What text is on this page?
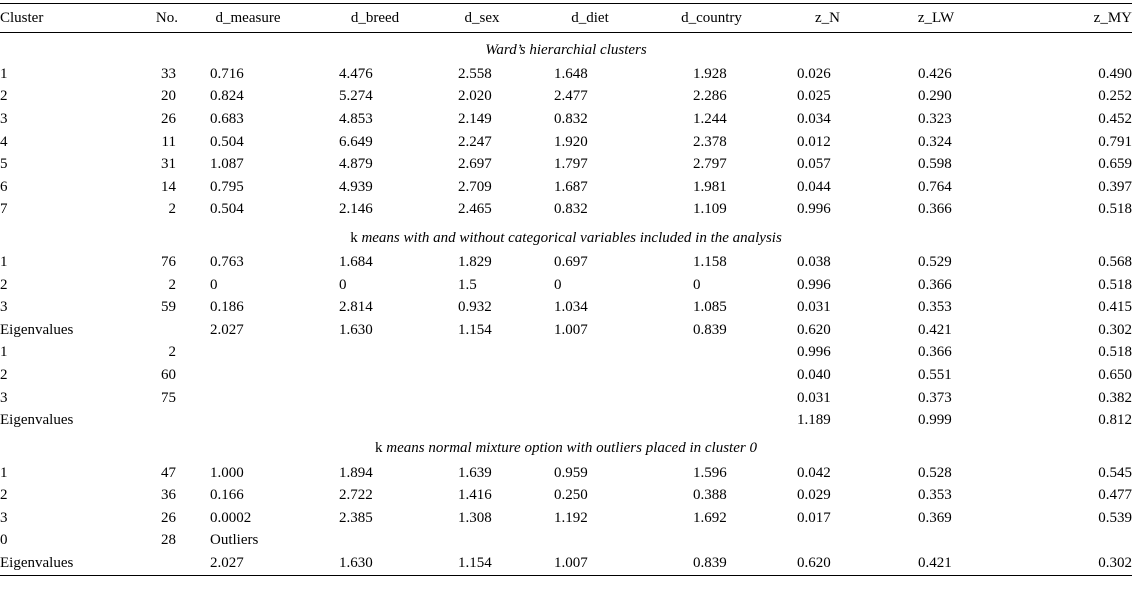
Cluster	No.	d_measure	d_breed	d_sex	d_diet	d_country	z_N	z_LW	z_MY
Ward’s hierarchial clusters									
1	33	0.716	4.476	2.558	1.648	1.928	0.026	0.426	0.490
2	20	0.824	5.274	2.020	2.477	2.286	0.025	0.290	0.252
3	26	0.683	4.853	2.149	0.832	1.244	0.034	0.323	0.452
4	11	0.504	6.649	2.247	1.920	2.378	0.012	0.324	0.791
5	31	1.087	4.879	2.697	1.797	2.797	0.057	0.598	0.659
6	14	0.795	4.939	2.709	1.687	1.981	0.044	0.764	0.397
7	2	0.504	2.146	2.465	0.832	1.109	0.996	0.366	0.518
k means with and without categorical variables included in the analysis									
1	76	0.763	1.684	1.829	0.697	1.158	0.038	0.529	0.568
2	2	0	0	1.5	0	0	0.996	0.366	0.518
3	59	0.186	2.814	0.932	1.034	1.085	0.031	0.353	0.415
Eigenvalues		2.027	1.630	1.154	1.007	0.839	0.620	0.421	0.302
1	2						0.996	0.366	0.518
2	60						0.040	0.551	0.650
3	75						0.031	0.373	0.382
Eigenvalues							1.189	0.999	0.812
k means normal mixture option with outliers placed in cluster 0									
1	47	1.000	1.894	1.639	0.959	1.596	0.042	0.528	0.545
2	36	0.166	2.722	1.416	0.250	0.388	0.029	0.353	0.477
3	26	0.0002	2.385	1.308	1.192	1.692	0.017	0.369	0.539
0	28	Outliers							
Eigenvalues		2.027	1.630	1.154	1.007	0.839	0.620	0.421	0.302
